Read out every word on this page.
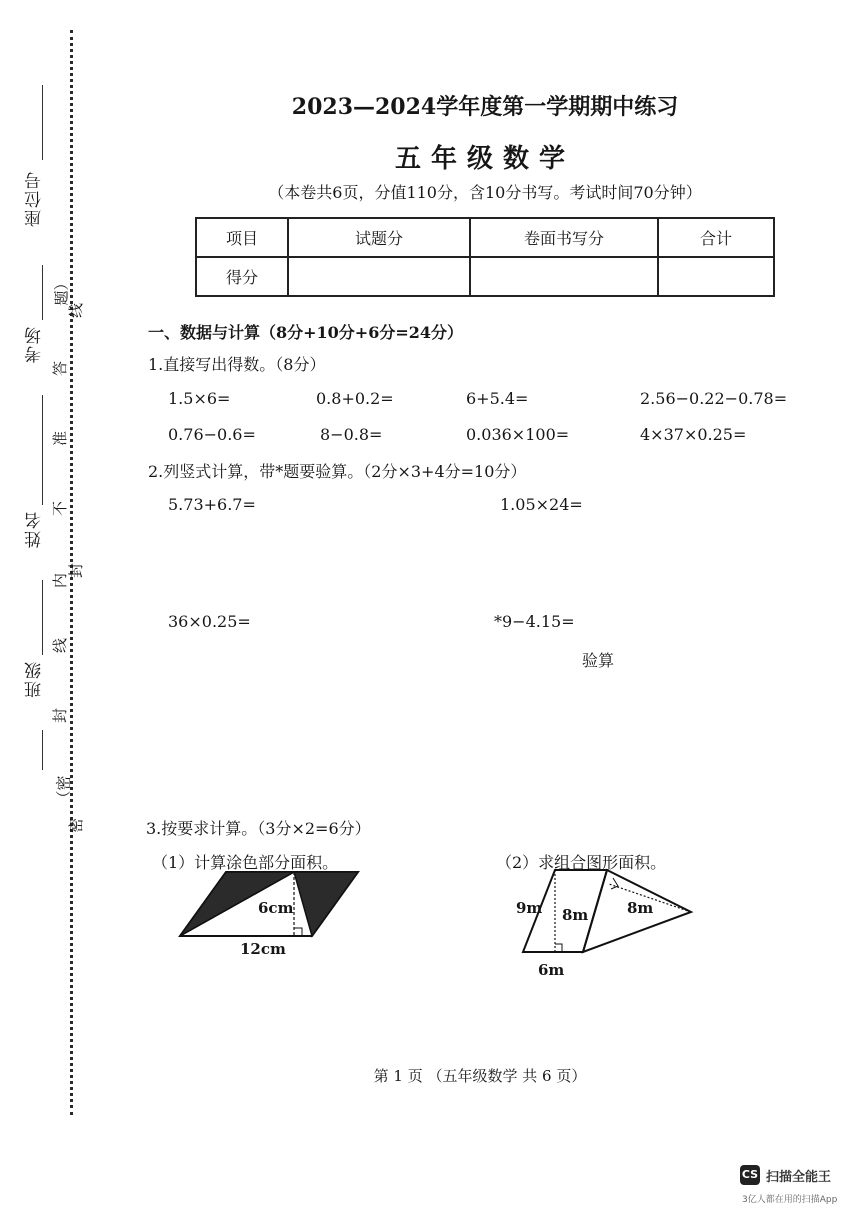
座位号
考场
姓名
班级
（密
封
线
内
不
准
答
题）
线
封
密
2023—2024学年度第一学期期中练习
五年级数学
（本卷共6页，分值110分，含10分书写。考试时间70分钟）
项目	试题分	卷面书写分	合计
得分			
一、数据与计算（8分+10分+6分=24分）
1.直接写出得数。（8分）
1.5×6=	0.8+0.2=	6+5.4=	2.56−0.22−0.78=
0.76−0.6=	8−0.8=	0.036×100=	4×37×0.25=
2.列竖式计算，带*题要验算。（2分×3+4分=10分）
5.73+6.7=	1.05×24=
36×0.25=	*9−4.15=
验算
3.按要求计算。（3分×2=6分）
（1）计算涂色部分面积。	（2）求组合图形面积。
6cm
12cm
9m 8m	8m
6m
第 1 页 （五年级数学 共 6 页）
CS 扫描全能王
3亿人都在用的扫描App
